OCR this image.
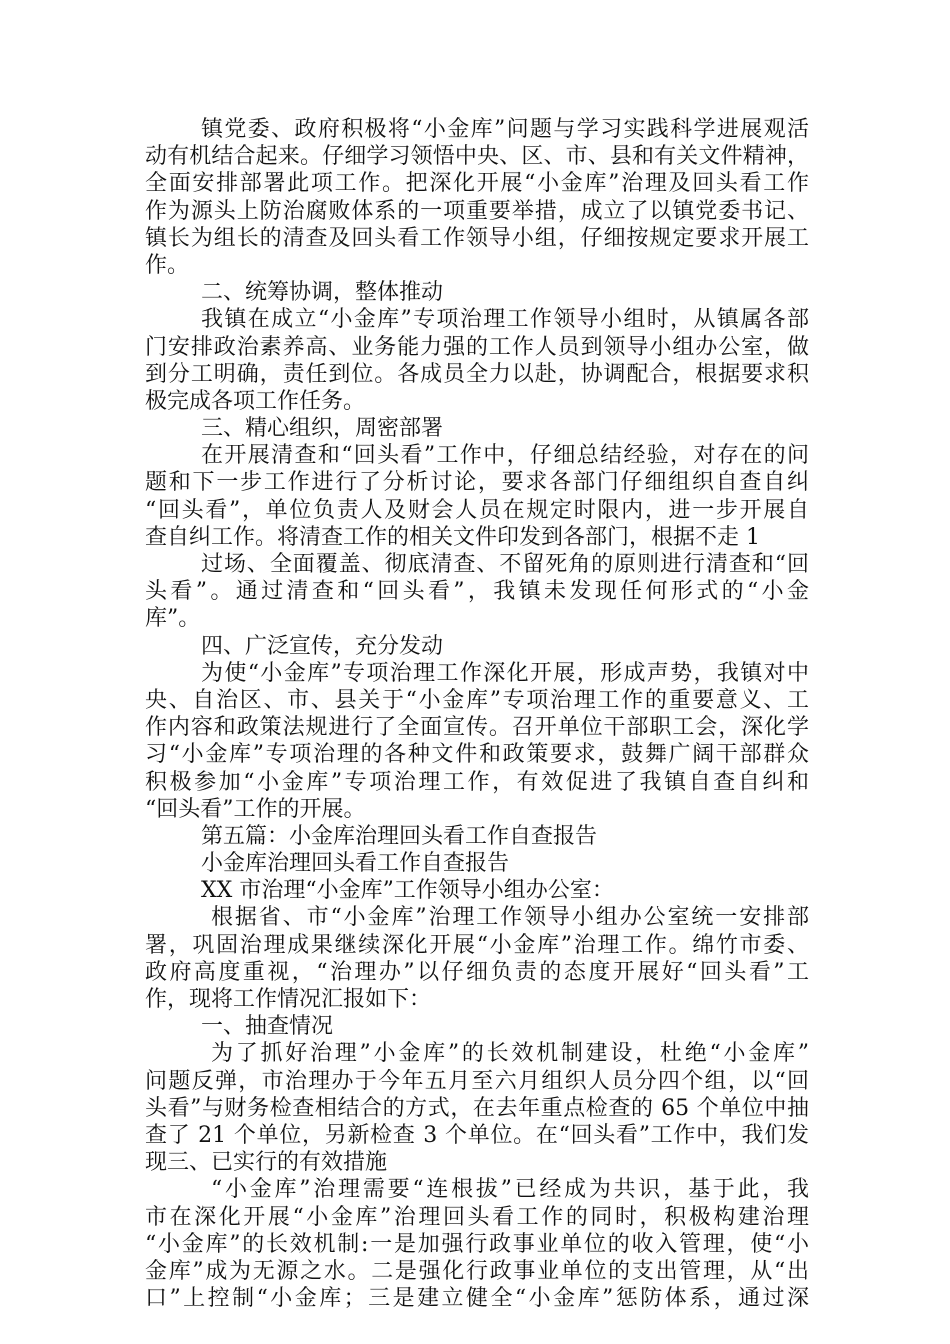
镇党委、政府积极将“小金库”问题与学习实践科学进展观活
动有机结合起来。仔细学习领悟中央、区、市、县和有关文件精神，
全面安排部署此项工作。把深化开展“小金库”治理及回头看工作
作为源头上防治腐败体系的一项重要举措，成立了以镇党委书记、
镇长为组长的清查及回头看工作领导小组，仔细按规定要求开展工
作。
二、统筹协调，整体推动
我镇在成立“小金库”专项治理工作领导小组时，从镇属各部
门安排政治素养高、业务能力强的工作人员到领导小组办公室，做
到分工明确，责任到位。各成员全力以赴，协调配合，根据要求积
极完成各项工作任务。
三、精心组织，周密部署
在开展清查和“回头看”工作中，仔细总结经验，对存在的问
题和下一步工作进行了分析讨论，要求各部门仔细组织自查自纠
“回头看”，单位负责人及财会人员在规定时限内，进一步开展自
查自纠工作。将清查工作的相关文件印发到各部门，根据不走 1
过场、全面覆盖、彻底清查、不留死角的原则进行清查和“回
头看”。通过清查和“回头看”，我镇未发现任何形式的“小金
库”。
四、广泛宣传，充分发动
为使“小金库”专项治理工作深化开展，形成声势，我镇对中
央、自治区、市、县关于“小金库”专项治理工作的重要意义、工
作内容和政策法规进行了全面宣传。召开单位干部职工会，深化学
习“小金库”专项治理的各种文件和政策要求，鼓舞广阔干部群众
积极参加“小金库”专项治理工作，有效促进了我镇自查自纠和
“回头看”工作的开展。
第五篇：小金库治理回头看工作自查报告
小金库治理回头看工作自查报告
XX 市治理“小金库”工作领导小组办公室：
根据省、市“小金库”治理工作领导小组办公室统一安排部
署，巩固治理成果继续深化开展“小金库”治理工作。绵竹市委、
政府高度重视，“治理办”以仔细负责的态度开展好“回头看”工
作，现将工作情况汇报如下：
一、抽查情况
为了抓好治理”小金库”的长效机制建设，杜绝“小金库”
问题反弹，市治理办于今年五月至六月组织人员分四个组，以“回
头看”与财务检查相结合的方式，在去年重点检查的 65 个单位中抽
查了 21 个单位，另新检查 3 个单位。在“回头看”工作中，我们发
现三、已实行的有效措施
“小金库”治理需要“连根拔”已经成为共识，基于此，我
市在深化开展“小金库”治理回头看工作的同时，积极构建治理
“小金库”的长效机制:一是加强行政事业单位的收入管理，使“小
金库”成为无源之水。二是强化行政事业单位的支出管理，从“出
口”上控制“小金库；三是建立健全“小金库”惩防体系，通过深
